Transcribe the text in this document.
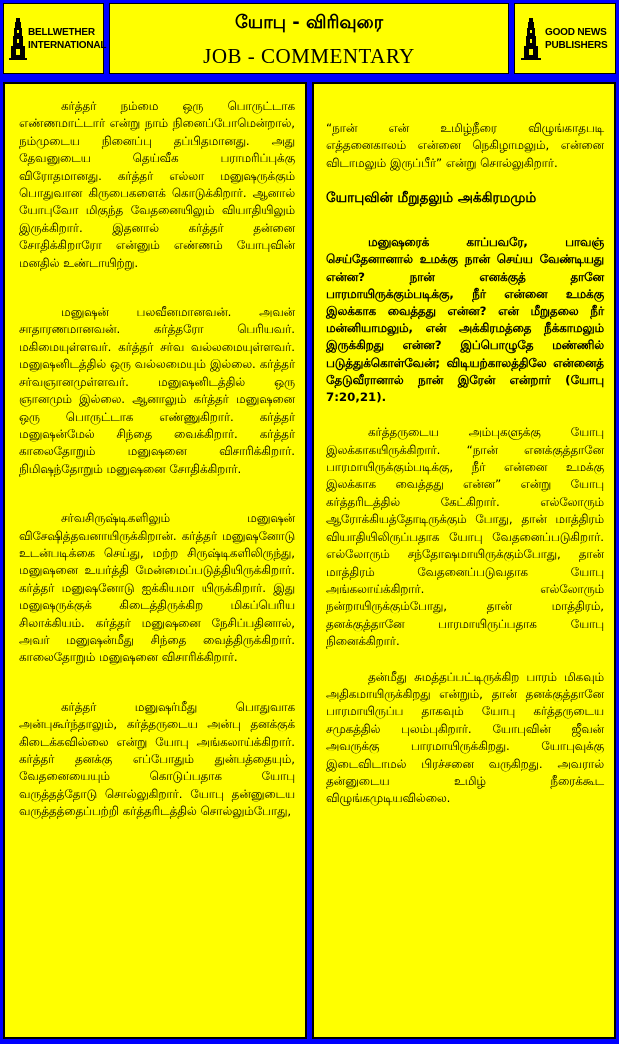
BELLWETHER
INTERNATIONAL
யோபு - விரிவுரை
JOB - COMMENTARY
GOOD NEWS
PUBLISHERS

கர்த்தர் நம்மை ஒரு பொருட்டாக எண்ணமாட்டார் என்று நாம் நினைப்போமென்றால், நம்முடைய நினைப்பு தப்பிதமானது. அது தேவனுடைய தெய்வீக பராமரிப்புக்கு விரோதமானது. கர்த்தர் எல்லா மனுஷருக்கும் பொதுவான கிருபைகளைக் கொடுக்கிறார். ஆனால் யோபுவோ மிகுந்த வேதனையிலும் வியாதியிலும் இருக்கிறார். இதனால் கர்த்தர் தன்னை சோதிக்கிறாரோ என்னும் எண்ணம் யோபுவின் மனதில் உண்டாயிற்று.

மனுஷன் பலவீனமானவன். அவன் சாதாரணமானவன். கர்த்தரோ பெரியவர். மகிமையுள்ளவர். கர்த்தர் சர்வ வல்லமையுள்ளவர். மனுஷனிடத்தில் ஒரு வல்லமையும் இல்லை. கர்த்தர் சர்வஞானமுள்ளவர். மனுஷனிடத்தில் ஒரு ஞானமும் இல்லை. ஆனாலும் கர்த்தர் மனுஷனை ஒரு பொருட்டாக எண்ணுகிறார். கர்த்தர் மனுஷன்மேல் சிந்தை வைக்கிறார். கர்த்தர் காலைதோறும் மனுஷனை விசாரிக்கிறார். நிமிஷந்தோறும் மனுஷனை சோதிக்கிறார்.

சர்வசிருஷ்டிகளிலும் மனுஷன் விசேஷித்தவனாயிருக்கிறான். கர்த்தர் மனுஷனோடு உடன்படிக்கை செய்து, மற்ற சிருஷ்டிகளிலிருந்து, மனுஷனை உயர்த்தி மேன்மைப்படுத்தியிருக்கிறார். கர்த்தர் மனுஷனோடு ஐக்கியமா யிருக்கிறார். இது மனுஷருக்குக் கிடைத்திருக்கிற மிகப்பெரிய சிலாக்கியம். கர்த்தர் மனுஷனை நேசிப்பதினால், அவர் மனுஷன்மீது சிந்தை வைத்திருக்கிறார். காலைதோறும் மனுஷனை விசாரிக்கிறார்.

கர்த்தர் மனுஷர்மீது பொதுவாக அன்புகூர்ந்தாலும், கர்த்தருடைய அன்பு தனக்குக் கிடைக்கவில்லை என்று யோபு அங்கலாய்க்கிறார். கர்த்தர் தனக்கு எப்போதும் துன்பத்தையும், வேதனையையும் கொடுப்பதாக யோபு வருத்தத்தோடு சொல்லுகிறார். யோபு தன்னுடைய வருத்தத்தைப்பற்றி கர்த்தரிடத்தில் சொல்லும்போது,

“நான் என் உமிழ்நீரை விழுங்காதபடி எத்தனைகாலம் என்னை நெகிழாமலும், என்னை விடாமலும் இருப்பீர்” என்று சொல்லுகிறார்.

யோபுவின் மீறுதலும் அக்கிரமமும்

மனுஷரைக் காப்பவரே, பாவஞ் செய்தேனானால் உமக்கு நான் செய்ய வேண்டியது என்ன? நான் எனக்குத் தானே பாரமாயிருக்கும்படிக்கு, நீர் என்னை உமக்கு இலக்காக வைத்தது என்ன? என் மீறுதலை நீர் மன்னியாமலும், என் அக்கிரமத்தை நீக்காமலும் இருக்கிறது என்ன? இப்பொழுதே மண்ணில் படுத்துக்கொள்வேன்; விடியற்காலத்திலே என்னைத் தேடுவீரானால் நான் இரேன் என்றார் (யோபு 7:20,21).

கர்த்தருடைய அம்புகளுக்கு யோபு இலக்காகயிருக்கிறார். “நான் எனக்குத்தானே பாரமாயிருக்கும்படிக்கு, நீர் என்னை உமக்கு இலக்காக வைத்தது என்ன” என்று யோபு கர்த்தரிடத்தில் கேட்கிறார். எல்லோரும் ஆரோக்கியத்தோடிருக்கும் போது, தான் மாத்திரம் வியாதியிலிருப்பதாக யோபு வேதனைப்படுகிறார். எல்லோரும் சந்தோஷமாயிருக்கும்போது, தான் மாத்திரம் வேதனைப்படுவதாக யோபு அங்கலாய்க்கிறார். எல்லோரும் நன்றாயிருக்கும்போது, தான் மாத்திரம், தனக்குத்தானே பாரமாயிருப்பதாக யோபு நினைக்கிறார்.

தன்மீது சுமத்தப்பட்டிருக்கிற பாரம் மிகவும் அதிகமாயிருக்கிறது என்றும், தான் தனக்குத்தானே பாரமாயிருப்ப தாகவும் யோபு கர்த்தருடைய சமுகத்தில் புலம்புகிறார். யோபுவின் ஜீவன் அவருக்கு பாரமாயிருக்கிறது. யோபுவுக்கு இடைவிடாமல் பிரச்சனை வருகிறது. அவரால் தன்னுடைய உமிழ் நீரைக்கூட விழுங்கமுடியவில்லை.
